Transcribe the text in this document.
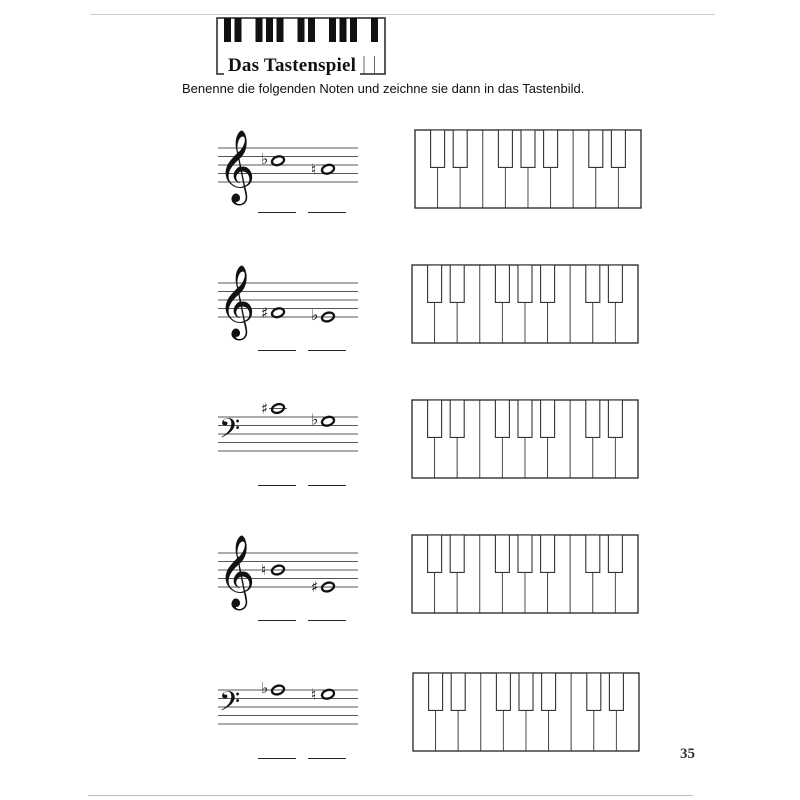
Das Tastenspiel
Benenne die folgenden Noten und zeichne sie dann in das Tastenbild.
𝄞 ♭
♮
𝄞 ♯	♭
𝄢
♯
♭
𝄞 ♮
♯
𝄢 ♭	♮
35
